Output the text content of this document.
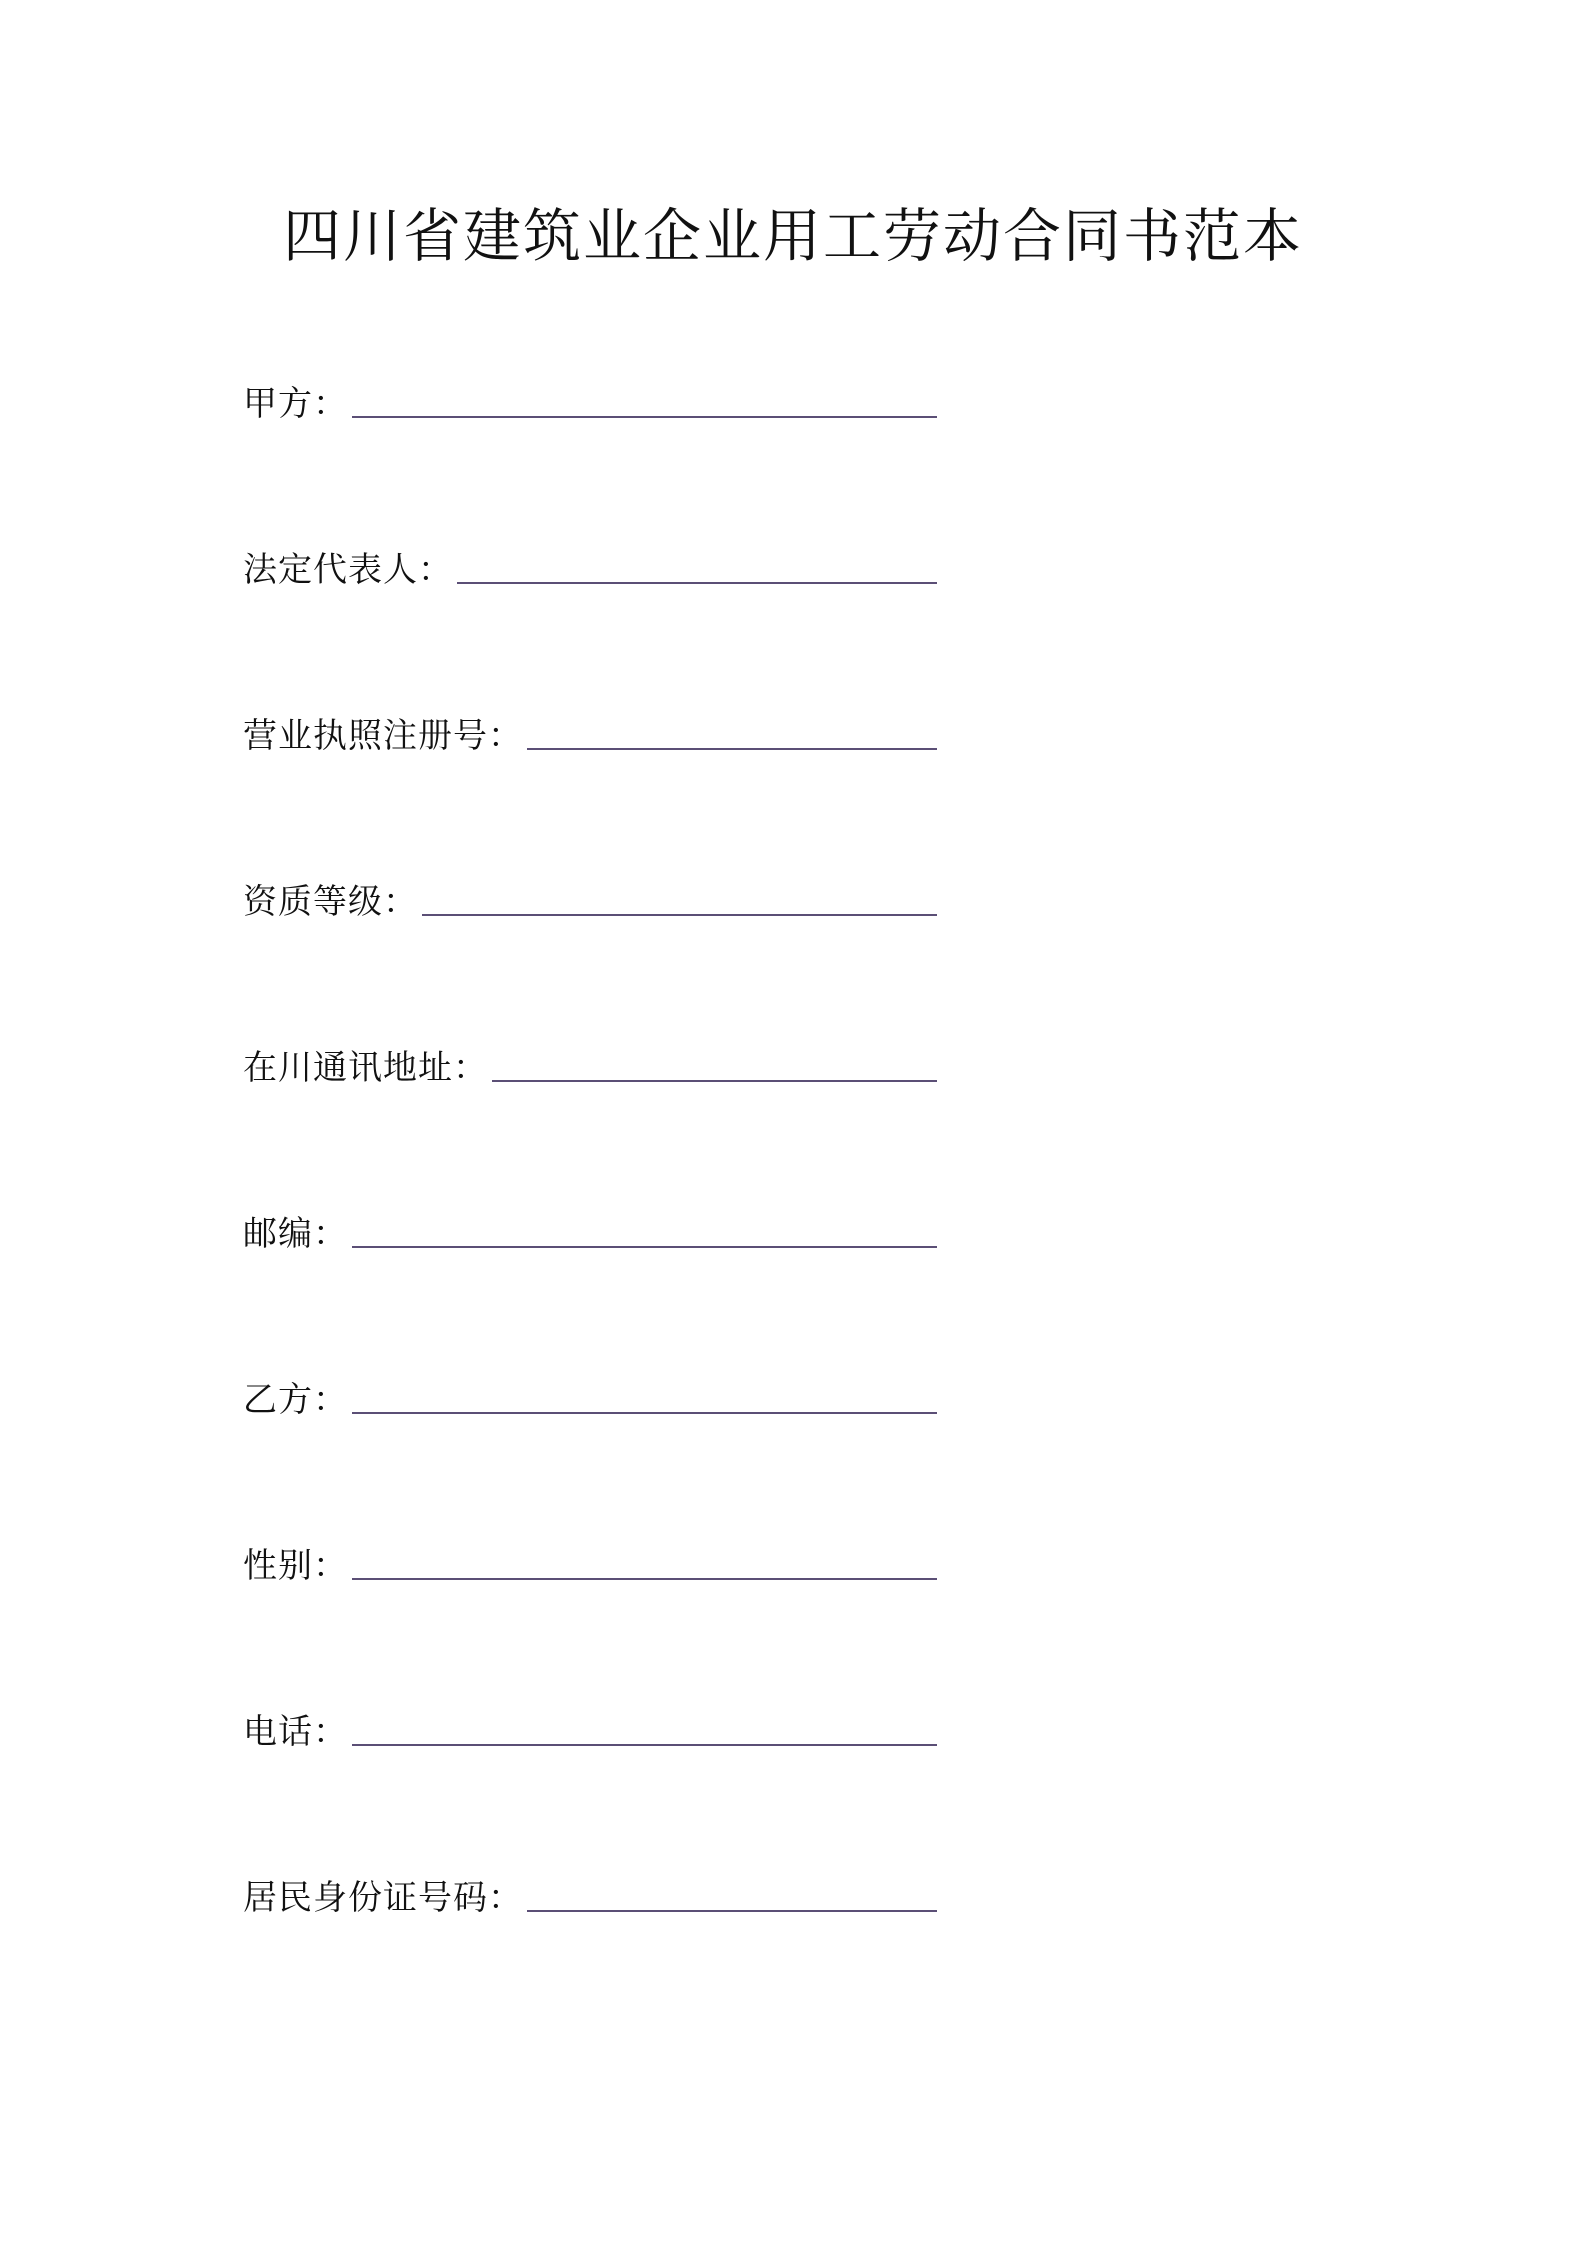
四川省建筑业企业用工劳动合同书范本
甲方：
法定代表人：
营业执照注册号：
资质等级：
在川通讯地址：
邮编：
乙方：
性别：
电话：
居民身份证号码：
